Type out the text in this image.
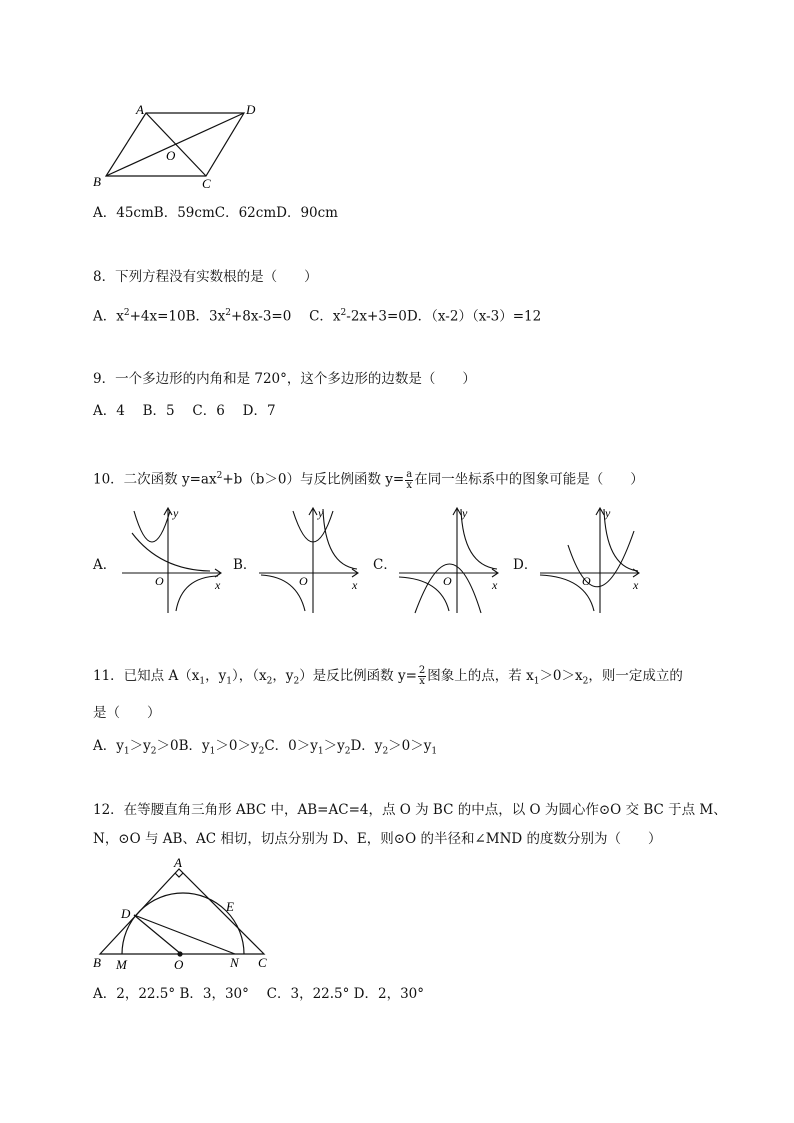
A	D
O
B	C
A．45cmB．59cmC．62cmD．90cm
8．下列方程没有实数根的是（　　）
A．$x^2+4x=10B$．$3x^2+8x-3=0$　 C．$x^2-2x+3=0D$．（x-2）（x-3）=12
9．一个多边形的内角和是 720°，这个多边形的边数是（　　）
A．4　 B．5　 C．6　 D．7
10．二次函数 $y=ax^2+b(b>0)$与反比例函数 $y= \frac{a}{x}$ 在同一坐标系中的图象可能是（　　）
A．	B．	C．	D．
y
O	x
y
O	x
y
O	x
y
O	x
11．已知点 $A(x_1$，$y_1$），（$x_2$，$y_2$）是反比例函数 $y= \frac{2}{x}$ 图象上的点，若 $x_1>0>x_2$，则一定成立的
是（　　）
A．$y_1>y_2>0B$．$y_1>0>y_2C$．$0>y_1>y_2D$．$y_2>0>y_1$
12．在等腰直角三角形 ABC 中，AB=AC=4，点 O 为 BC 的中点，以 O 为圆心作⊙O 交 BC 于点 M、
N，⊙O 与 AB、AC 相切，切点分别为 D、E，则⊙O 的半径和∠MND 的度数分别为（　　）
A
D	E
B M	O	N C
A．2，22.5° B．3，30°　 C．3，22.5° D．2，30°
